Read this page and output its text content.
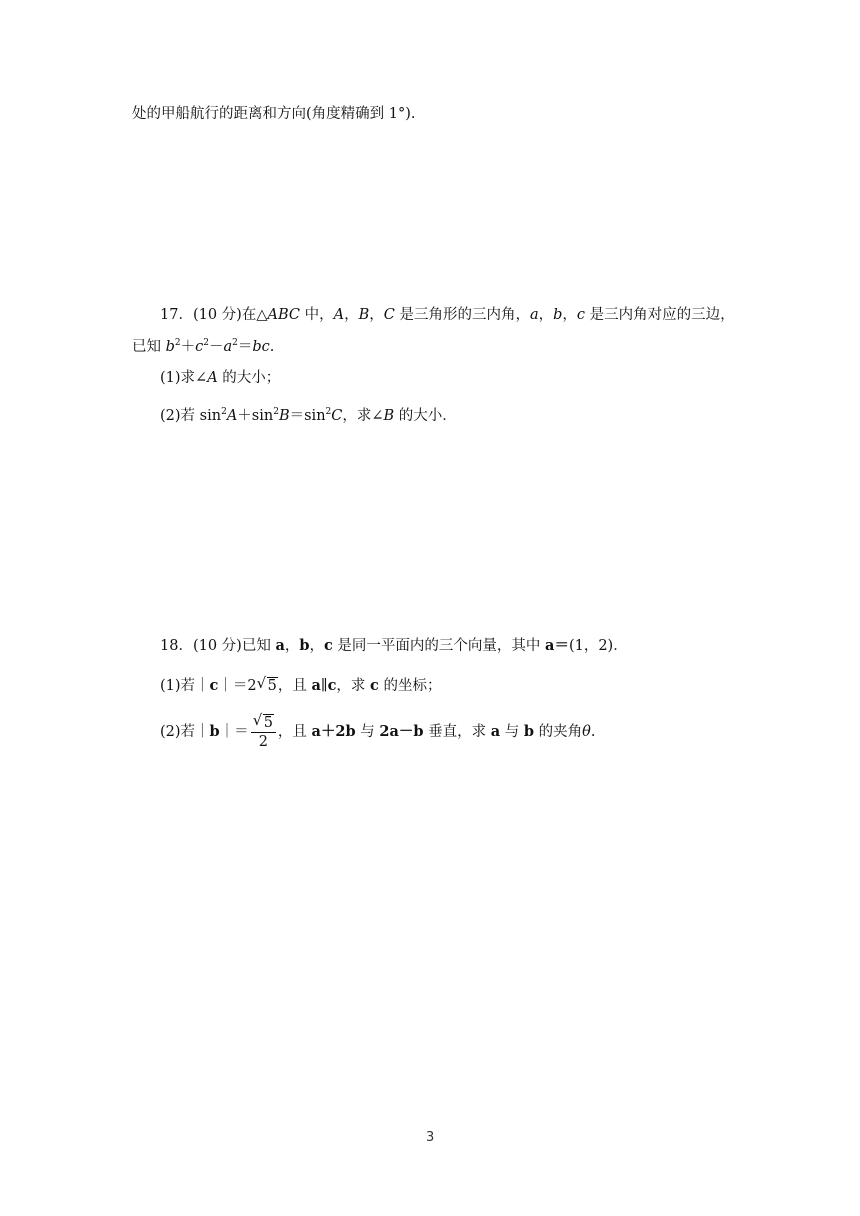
处的甲船航行的距离和方向(角度精确到 1°).
17．(10 分)在△ABC 中，A，B，C 是三角形的三内角，a，b，c 是三内角对应的三边，
已知 $b^2+c^2-a^2=bc$.
(1)求∠A 的大小；
(2)若 $\sin^2A+\sin^2B=\sin^2C$，求∠B 的大小．
18．(10 分)已知 a，b，c 是同一平面内的三个向量，其中 a＝(1，2)．
(1)若｜c｜＝2 √ 5，且 a∥c，求 c 的坐标；
(2)若｜b｜＝ $\frac{√ 5}{2}$ ，且 a＋2b 与 2a－b 垂直，求 a 与 b 的夹角θ.
3
